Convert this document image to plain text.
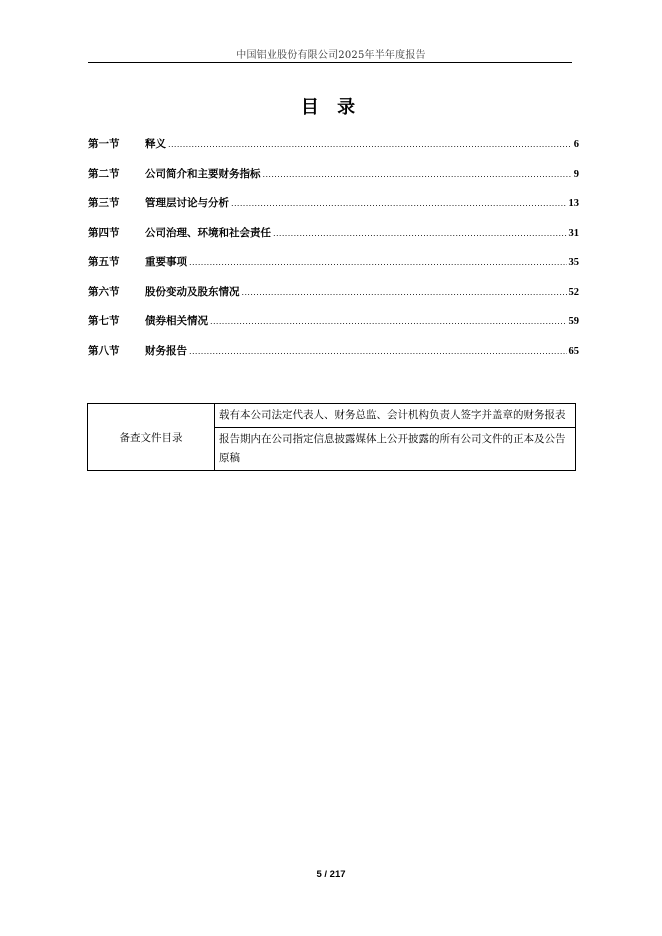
中国铝业股份有限公司2025年半年度报告
目 录
第一节	释义 .....	6
第二节	公司简介和主要财务指标 .....	9
第三节	管理层讨论与分析 .....	13
第四节	公司治理、环境和社会责任 .....	31
第五节	重要事项 .....	35
第六节	股份变动及股东情况 .....	52
第七节	债券相关情况 .....	59
第八节	财务报告 .....	65
备查文件目录	载有本公司法定代表人、财务总监、会计机构负责人签字并盖章的财务报表
报告期内在公司指定信息披露媒体上公开披露的所有公司文件的正本及公告原稿
5 / 217
